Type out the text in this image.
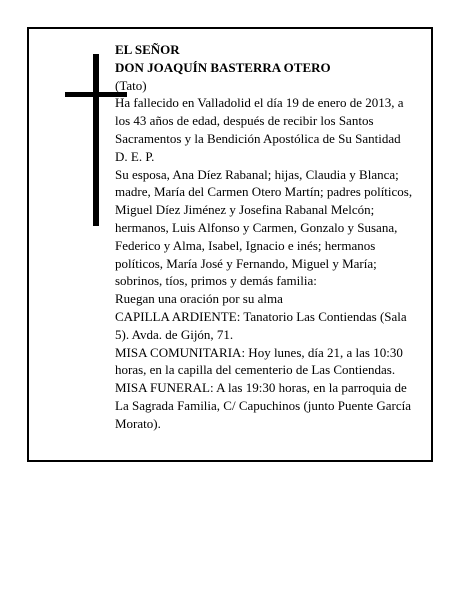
EL SEÑOR

DON JOAQUÍN BASTERRA OTERO

(Tato)

Ha fallecido en Valladolid el día 19 de enero de 2013, a los 43 años de edad, después de recibir los Santos Sacramentos y la Bendición Apostólica de Su Santidad

D. E. P.

Su esposa, Ana Díez Rabanal; hijas, Claudia y Blanca; madre, María del Carmen Otero Martín; padres políticos, Miguel Díez Jiménez y Josefina Rabanal Melcón; hermanos, Luis Alfonso y Carmen, Gonzalo y Susana, Federico y Alma, Isabel, Ignacio e inés; hermanos políticos, María José y Fernando, Miguel y María; sobrinos, tíos, primos y demás familia:

Ruegan una oración por su alma

CAPILLA ARDIENTE: Tanatorio Las Contiendas (Sala 5). Avda. de Gijón, 71.

MISA COMUNITARIA: Hoy lunes, día 21, a las 10:30 horas, en la capilla del cementerio de Las Contiendas.

MISA FUNERAL: A las 19:30 horas, en la parroquia de La Sagrada Familia, C/ Capuchinos (junto Puente García Morato).
